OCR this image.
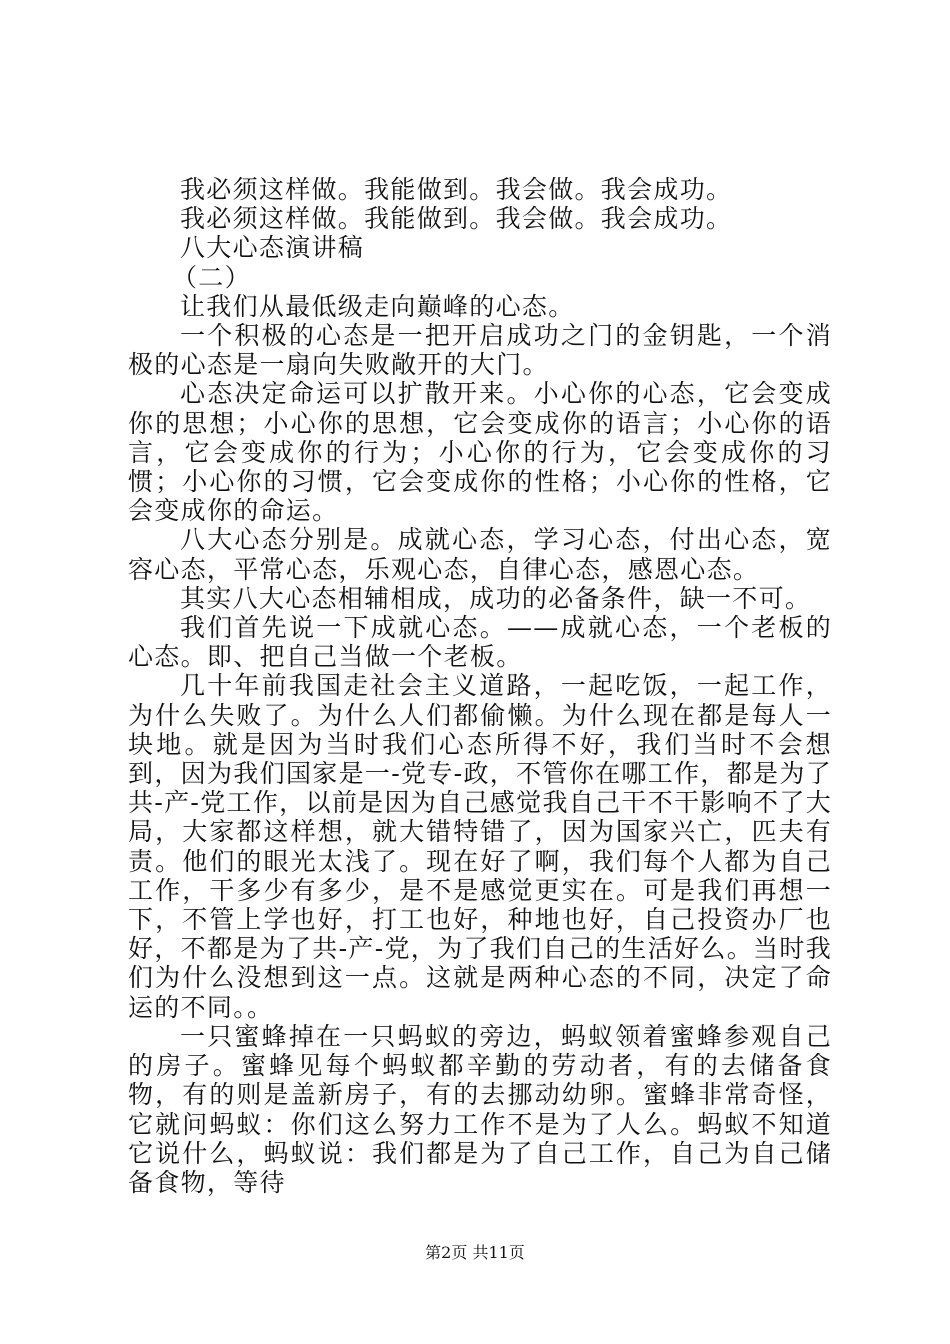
我必须这样做。我能做到。我会做。我会成功。

我必须这样做。我能做到。我会做。我会成功。

八大心态演讲稿

（二）

让我们从最低级走向巅峰的心态。

一个积极的心态是一把开启成功之门的金钥匙，一个消极的心态是一扇向失败敞开的大门。

心态决定命运可以扩散开来。小心你的心态，它会变成你的思想；小心你的思想，它会变成你的语言；小心你的语言，它会变成你的行为；小心你的行为，它会变成你的习惯；小心你的习惯，它会变成你的性格；小心你的性格，它会变成你的命运。

八大心态分别是。成就心态，学习心态，付出心态，宽容心态，平常心态，乐观心态，自律心态，感恩心态。

其实八大心态相辅相成，成功的必备条件，缺一不可。

我们首先说一下成就心态。——成就心态，一个老板的心态。即、把自己当做一个老板。

几十年前我国走社会主义道路，一起吃饭，一起工作，为什么失败了。为什么人们都偷懒。为什么现在都是每人一块地。就是因为当时我们心态所得不好，我们当时不会想到，因为我们国家是一-党专-政，不管你在哪工作，都是为了共-产-党工作，以前是因为自己感觉我自己干不干影响不了大局，大家都这样想，就大错特错了，因为国家兴亡，匹夫有责。他们的眼光太浅了。现在好了啊，我们每个人都为自己工作，干多少有多少，是不是感觉更实在。可是我们再想一下，不管上学也好，打工也好，种地也好，自己投资办厂也好，不都是为了共-产-党，为了我们自己的生活好么。当时我们为什么没想到这一点。这就是两种心态的不同，决定了命运的不同。。

一只蜜蜂掉在一只蚂蚁的旁边，蚂蚁领着蜜蜂参观自己的房子。蜜蜂见每个蚂蚁都辛勤的劳动者，有的去储备食物，有的则是盖新房子，有的去挪动幼卵。蜜蜂非常奇怪，它就问蚂蚁：你们这么努力工作不是为了人么。蚂蚁不知道它说什么，蚂蚁说：我们都是为了自己工作，自己为自己储备食物，等待

第2页 共11页
